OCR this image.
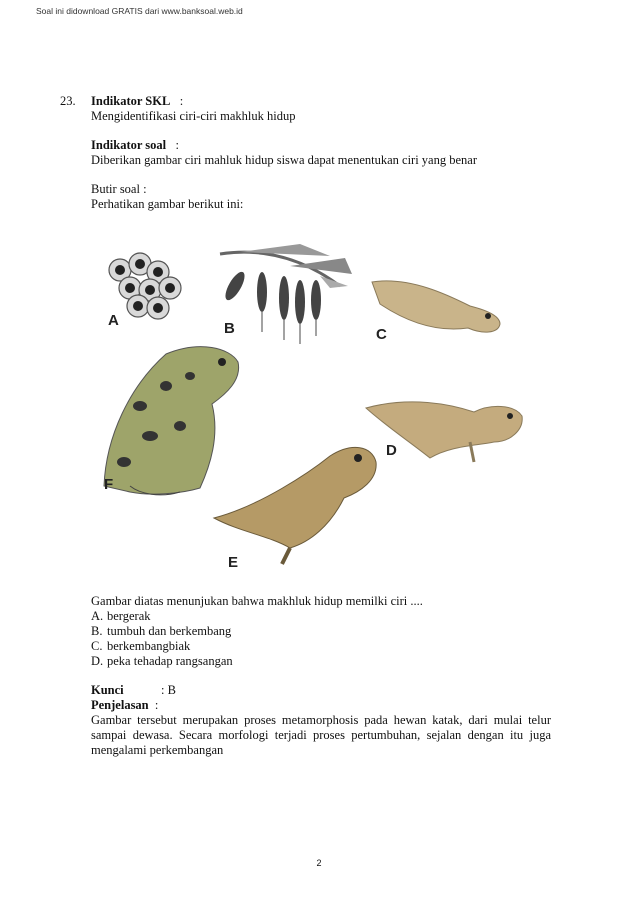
Soal ini didownload GRATIS dari www.banksoal.web.id
23. Indikator SKL :

Mengidentifikasi ciri-ciri makhluk hidup

Indikator soal :

Diberikan gambar ciri mahluk hidup siswa dapat menentukan ciri yang benar

Butir soal :

Perhatikan gambar berikut ini:

A	B	C
D
F
E

Gambar diatas menunjukan bahwa makhluk hidup memilki ciri ....

A. bergerak
B. tumbuh dan berkembang
C. berkembangbiak
D. peka tehadap rangsangan

Kunci	: B

Penjelasan :

Gambar tersebut merupakan proses metamorphosis pada hewan katak, dari mulai telur sampai dewasa. Secara morfologi terjadi proses pertumbuhan, sejalan dengan itu juga mengalami perkembangan

2
